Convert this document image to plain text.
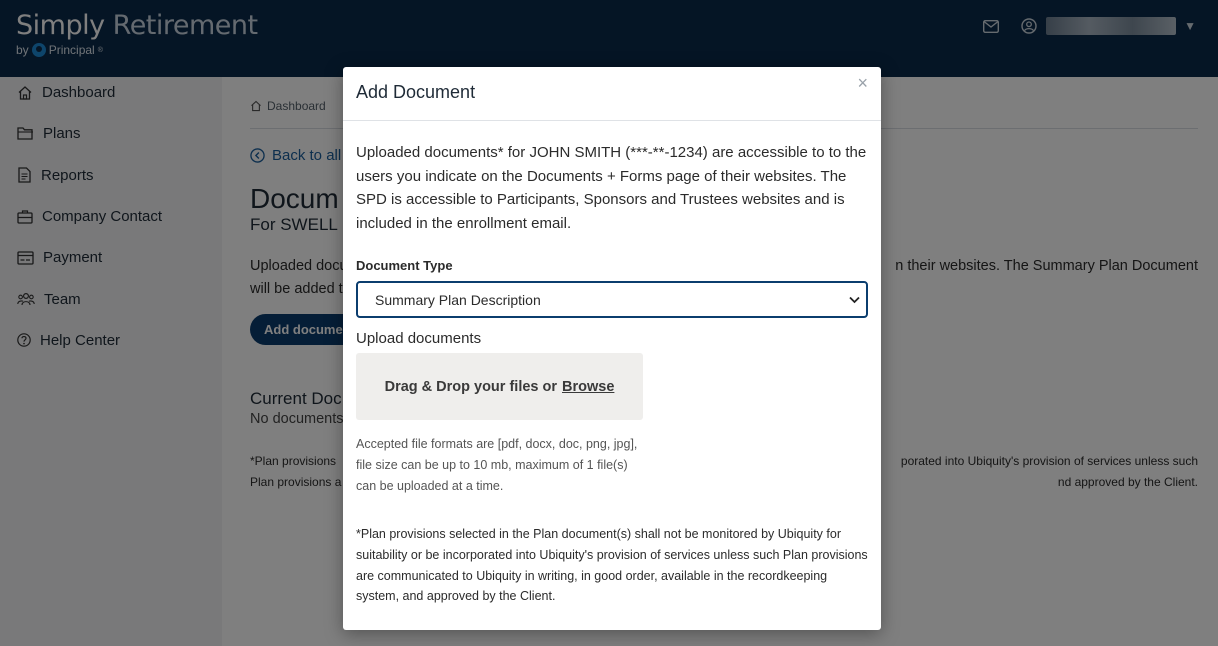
Add Document	×

Uploaded documents* for JOHN SMITH (***-**-1234) are accessible to to the users you indicate on the Documents + Forms page of their websites. The SPD is accessible to Participants, Sponsors and Trustees websites and is included in the enrollment email.

Document Type
Summary Plan Description
Upload documents
Drag & Drop your files or Browse
Accepted file formats are [pdf, docx, doc, png, jpg],
file size can be up to 10 mb, maximum of 1 file(s)
can be uploaded at a time.

*Plan provisions selected in the Plan document(s) shall not be monitored by Ubiquity for suitability or be incorporated into Ubiquity's provision of services unless such Plan provisions are communicated to Ubiquity in writing, in good order, available in the recordkeeping system, and approved by the Client.
